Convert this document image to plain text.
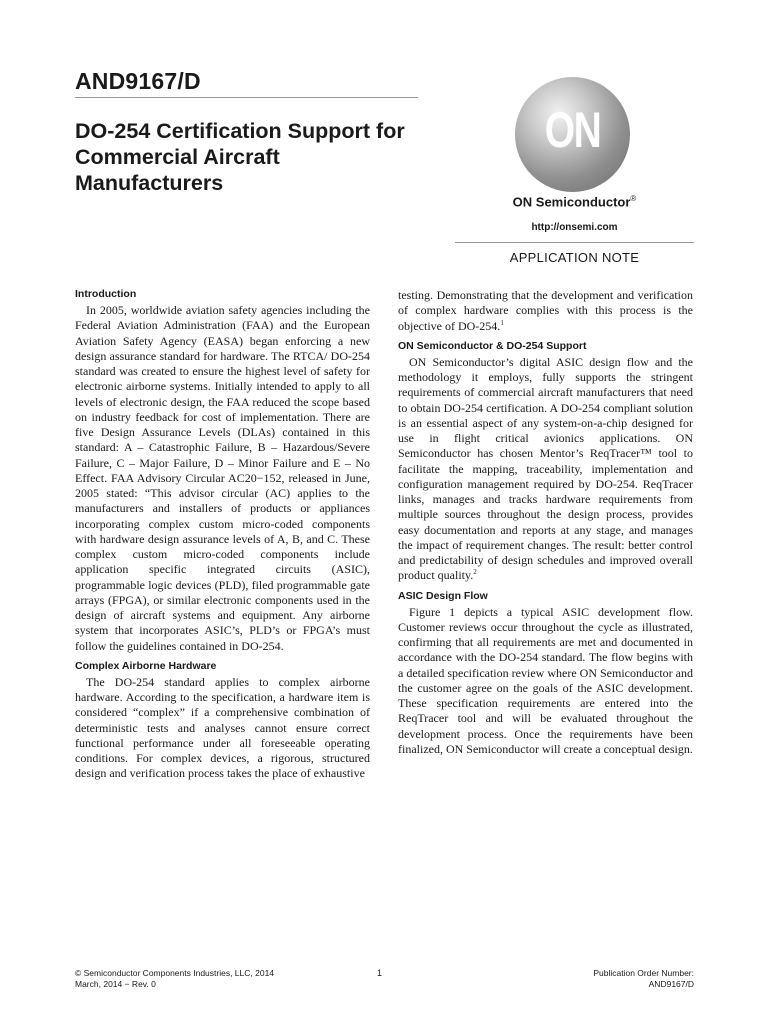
AND9167/D
DO-254 Certification Support for Commercial Aircraft Manufacturers
ON
ON Semiconductor®
http://onsemi.com
APPLICATION NOTE
Introduction

In 2005, worldwide aviation safety agencies including the Federal Aviation Administration (FAA) and the European Aviation Safety Agency (EASA) began enforcing a new design assurance standard for hardware. The RTCA/ DO-254 standard was created to ensure the highest level of safety for electronic airborne systems. Initially intended to apply to all levels of electronic design, the FAA reduced the scope based on industry feedback for cost of implementation. There are five Design Assurance Levels (DLAs) contained in this standard: A – Catastrophic Failure, B – Hazardous/Severe Failure, C – Major Failure, D – Minor Failure and E – No Effect. FAA Advisory Circular AC20−152, released in June, 2005 stated: “This advisor circular (AC) applies to the manufacturers and installers of products or appliances incorporating complex custom micro-coded components with hardware design assurance levels of A, B, and C. These complex custom micro-coded components include application specific integrated circuits (ASIC), programmable logic devices (PLD), filed programmable gate arrays (FPGA), or similar electronic components used in the design of aircraft systems and equipment. Any airborne system that incorporates ASIC’s, PLD’s or FPGA’s must follow the guidelines contained in DO-254.

Complex Airborne Hardware

The DO-254 standard applies to complex airborne hardware. According to the specification, a hardware item is considered “complex” if a comprehensive combination of deterministic tests and analyses cannot ensure correct functional performance under all foreseeable operating conditions. For complex devices, a rigorous, structured design and verification process takes the place of exhaustive

testing. Demonstrating that the development and verification of complex hardware complies with this process is the objective of DO-254.$^1$

ON Semiconductor & DO-254 Support

ON Semiconductor’s digital ASIC design flow and the methodology it employs, fully supports the stringent requirements of commercial aircraft manufacturers that need to obtain DO-254 certification. A DO-254 compliant solution is an essential aspect of any system-on-a-chip designed for use in flight critical avionics applications. ON Semiconductor has chosen Mentor’s ReqTracer™ tool to facilitate the mapping, traceability, implementation and configuration management required by DO-254. ReqTracer links, manages and tracks hardware requirements from multiple sources throughout the design process, provides easy documentation and reports at any stage, and manages the impact of requirement changes. The result: better control and predictability of design schedules and improved overall product quality.$^2$

ASIC Design Flow

Figure 1 depicts a typical ASIC development flow. Customer reviews occur throughout the cycle as illustrated, confirming that all requirements are met and documented in accordance with the DO-254 standard. The flow begins with a detailed specification review where ON Semiconductor and the customer agree on the goals of the ASIC development. These specification requirements are entered into the ReqTracer tool and will be evaluated throughout the development process. Once the requirements have been finalized, ON Semiconductor will create a conceptual design.

© Semiconductor Components Industries, LLC, 2014
March, 2014 − Rev. 0
1	Publication Order Number:
AND9167/D
